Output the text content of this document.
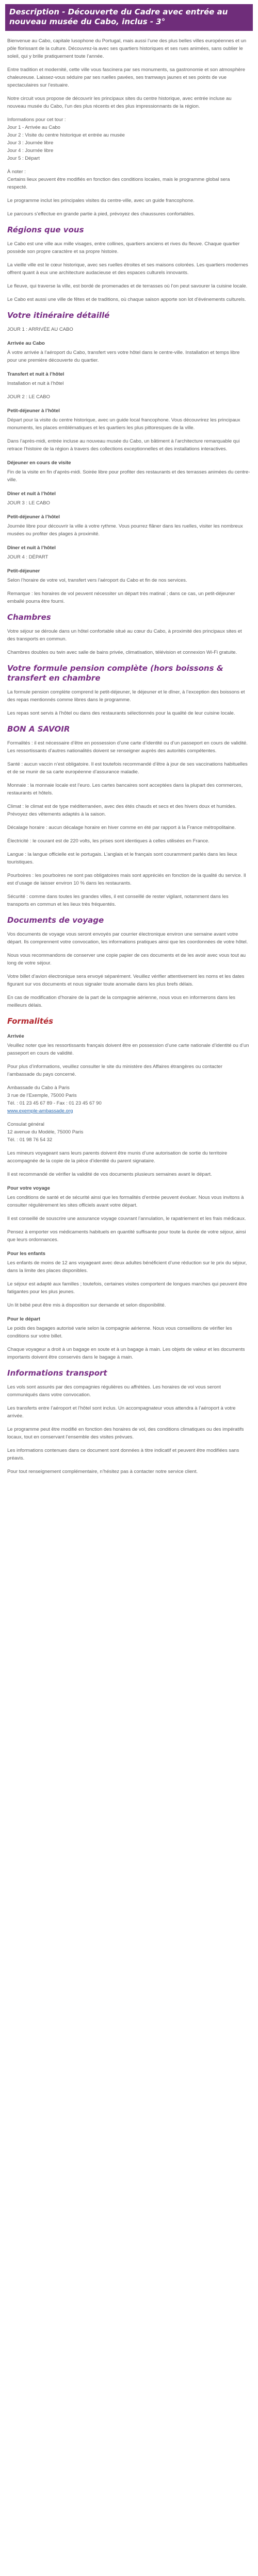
Description - Découverte du Cadre avec entrée au nouveau musée du Cabo, inclus - 3°

Bienvenue au Cabo, capitale lusophone du Portugal, mais aussi l’une des plus belles villes européennes et un pôle florissant de la culture. Découvrez-la avec ses quartiers historiques et ses rues animées, sans oublier le soleil, qui y brille pratiquement toute l’année.

Entre tradition et modernité, cette ville vous fascinera par ses monuments, sa gastronomie et son atmosphère chaleureuse. Laissez-vous séduire par ses ruelles pavées, ses tramways jaunes et ses points de vue spectaculaires sur l’estuaire.

Notre circuit vous propose de découvrir les principaux sites du centre historique, avec entrée incluse au nouveau musée du Cabo, l’un des plus récents et des plus impressionnants de la région.

Informations pour cet tour :

Jour 1 - Arrivée au Cabo

Jour 2 : Visite du centre historique et entrée au musée

Jour 3 : Journée libre

Jour 4 : Journée libre

Jour 5 : Départ

À noter :

Certains lieux peuvent être modifiés en fonction des conditions locales, mais le programme global sera respecté.

Le programme inclut les principales visites du centre-ville, avec un guide francophone.

Le parcours s’effectue en grande partie à pied, prévoyez des chaussures confortables.

Régions que vous

Le Cabo est une ville aux mille visages, entre collines, quartiers anciens et rives du fleuve. Chaque quartier possède son propre caractère et sa propre histoire.

La vieille ville est le cœur historique, avec ses ruelles étroites et ses maisons colorées. Les quartiers modernes offrent quant à eux une architecture audacieuse et des espaces culturels innovants.

Le fleuve, qui traverse la ville, est bordé de promenades et de terrasses où l’on peut savourer la cuisine locale.

Le Cabo est aussi une ville de fêtes et de traditions, où chaque saison apporte son lot d’événements culturels.

Votre itinéraire détaillé

JOUR 1 : ARRIVÉE AU CABO

Arrivée au Cabo

À votre arrivée à l’aéroport du Cabo, transfert vers votre hôtel dans le centre-ville. Installation et temps libre pour une première découverte du quartier.

Transfert et nuit à l’hôtel

Installation et nuit à l’hôtel

JOUR 2 : LE CABO

Petit-déjeuner à l’hôtel

Départ pour la visite du centre historique, avec un guide local francophone. Vous découvrirez les principaux monuments, les places emblématiques et les quartiers les plus pittoresques de la ville.

Dans l’après-midi, entrée incluse au nouveau musée du Cabo, un bâtiment à l’architecture remarquable qui retrace l’histoire de la région à travers des collections exceptionnelles et des installations interactives.

Déjeuner en cours de visite

Fin de la visite en fin d’après-midi. Soirée libre pour profiter des restaurants et des terrasses animées du centre-ville.

Dîner et nuit à l’hôtel

JOUR 3 : LE CABO

Petit-déjeuner à l’hôtel

Journée libre pour découvrir la ville à votre rythme. Vous pourrez flâner dans les ruelles, visiter les nombreux musées ou profiter des plages à proximité.

Dîner et nuit à l’hôtel

JOUR 4 : DÉPART

Petit-déjeuner

Selon l’horaire de votre vol, transfert vers l’aéroport du Cabo et fin de nos services.

Remarque : les horaires de vol peuvent nécessiter un départ très matinal ; dans ce cas, un petit-déjeuner emballé pourra être fourni.

Chambres

Votre séjour se déroule dans un hôtel confortable situé au cœur du Cabo, à proximité des principaux sites et des transports en commun.

Chambres doubles ou twin avec salle de bains privée, climatisation, télévision et connexion Wi-Fi gratuite.

Votre formule pension complète (hors boissons & transfert en chambre

La formule pension complète comprend le petit-déjeuner, le déjeuner et le dîner, à l’exception des boissons et des repas mentionnés comme libres dans le programme.

Les repas sont servis à l’hôtel ou dans des restaurants sélectionnés pour la qualité de leur cuisine locale.

BON A SAVOIR

Formalités : il est nécessaire d’être en possession d’une carte d’identité ou d’un passeport en cours de validité. Les ressortissants d’autres nationalités doivent se renseigner auprès des autorités compétentes.

Santé : aucun vaccin n’est obligatoire. Il est toutefois recommandé d’être à jour de ses vaccinations habituelles et de se munir de sa carte européenne d’assurance maladie.

Monnaie : la monnaie locale est l’euro. Les cartes bancaires sont acceptées dans la plupart des commerces, restaurants et hôtels.

Climat : le climat est de type méditerranéen, avec des étés chauds et secs et des hivers doux et humides. Prévoyez des vêtements adaptés à la saison.

Décalage horaire : aucun décalage horaire en hiver comme en été par rapport à la France métropolitaine.

Électricité : le courant est de 220 volts, les prises sont identiques à celles utilisées en France.

Langue : la langue officielle est le portugais. L’anglais et le français sont couramment parlés dans les lieux touristiques.

Pourboires : les pourboires ne sont pas obligatoires mais sont appréciés en fonction de la qualité du service. Il est d’usage de laisser environ 10 % dans les restaurants.

Sécurité : comme dans toutes les grandes villes, il est conseillé de rester vigilant, notamment dans les transports en commun et les lieux très fréquentés.

Documents de voyage

Vos documents de voyage vous seront envoyés par courrier électronique environ une semaine avant votre départ. Ils comprennent votre convocation, les informations pratiques ainsi que les coordonnées de votre hôtel.

Nous vous recommandons de conserver une copie papier de ces documents et de les avoir avec vous tout au long de votre séjour.

Votre billet d’avion électronique sera envoyé séparément. Veuillez vérifier attentivement les noms et les dates figurant sur vos documents et nous signaler toute anomalie dans les plus brefs délais.

En cas de modification d’horaire de la part de la compagnie aérienne, nous vous en informerons dans les meilleurs délais.

Formalités

Arrivée

Veuillez noter que les ressortissants français doivent être en possession d’une carte nationale d’identité ou d’un passeport en cours de validité.

Pour plus d’informations, veuillez consulter le site du ministère des Affaires étrangères ou contacter l’ambassade du pays concerné.

Ambassade du Cabo à Paris

3 rue de l’Exemple, 75000 Paris

Tél. : 01 23 45 67 89 - Fax : 01 23 45 67 90

www.exemple-ambassade.org

Consulat général

12 avenue du Modèle, 75000 Paris

Tél. : 01 98 76 54 32

Les mineurs voyageant sans leurs parents doivent être munis d’une autorisation de sortie du territoire accompagnée de la copie de la pièce d’identité du parent signataire.

Il est recommandé de vérifier la validité de vos documents plusieurs semaines avant le départ.

Pour votre voyage

Les conditions de santé et de sécurité ainsi que les formalités d’entrée peuvent évoluer. Nous vous invitons à consulter régulièrement les sites officiels avant votre départ.

Il est conseillé de souscrire une assurance voyage couvrant l’annulation, le rapatriement et les frais médicaux.

Pensez à emporter vos médicaments habituels en quantité suffisante pour toute la durée de votre séjour, ainsi que leurs ordonnances.

Pour les enfants

Les enfants de moins de 12 ans voyageant avec deux adultes bénéficient d’une réduction sur le prix du séjour, dans la limite des places disponibles.

Le séjour est adapté aux familles ; toutefois, certaines visites comportent de longues marches qui peuvent être fatigantes pour les plus jeunes.

Un lit bébé peut être mis à disposition sur demande et selon disponibilité.

Pour le départ

Le poids des bagages autorisé varie selon la compagnie aérienne. Nous vous conseillons de vérifier les conditions sur votre billet.

Chaque voyageur a droit à un bagage en soute et à un bagage à main. Les objets de valeur et les documents importants doivent être conservés dans le bagage à main.

Informations transport

Les vols sont assurés par des compagnies régulières ou affrétées. Les horaires de vol vous seront communiqués dans votre convocation.

Les transferts entre l’aéroport et l’hôtel sont inclus. Un accompagnateur vous attendra à l’aéroport à votre arrivée.

Le programme peut être modifié en fonction des horaires de vol, des conditions climatiques ou des impératifs locaux, tout en conservant l’ensemble des visites prévues.

Les informations contenues dans ce document sont données à titre indicatif et peuvent être modifiées sans préavis.

Pour tout renseignement complémentaire, n’hésitez pas à contacter notre service client.
